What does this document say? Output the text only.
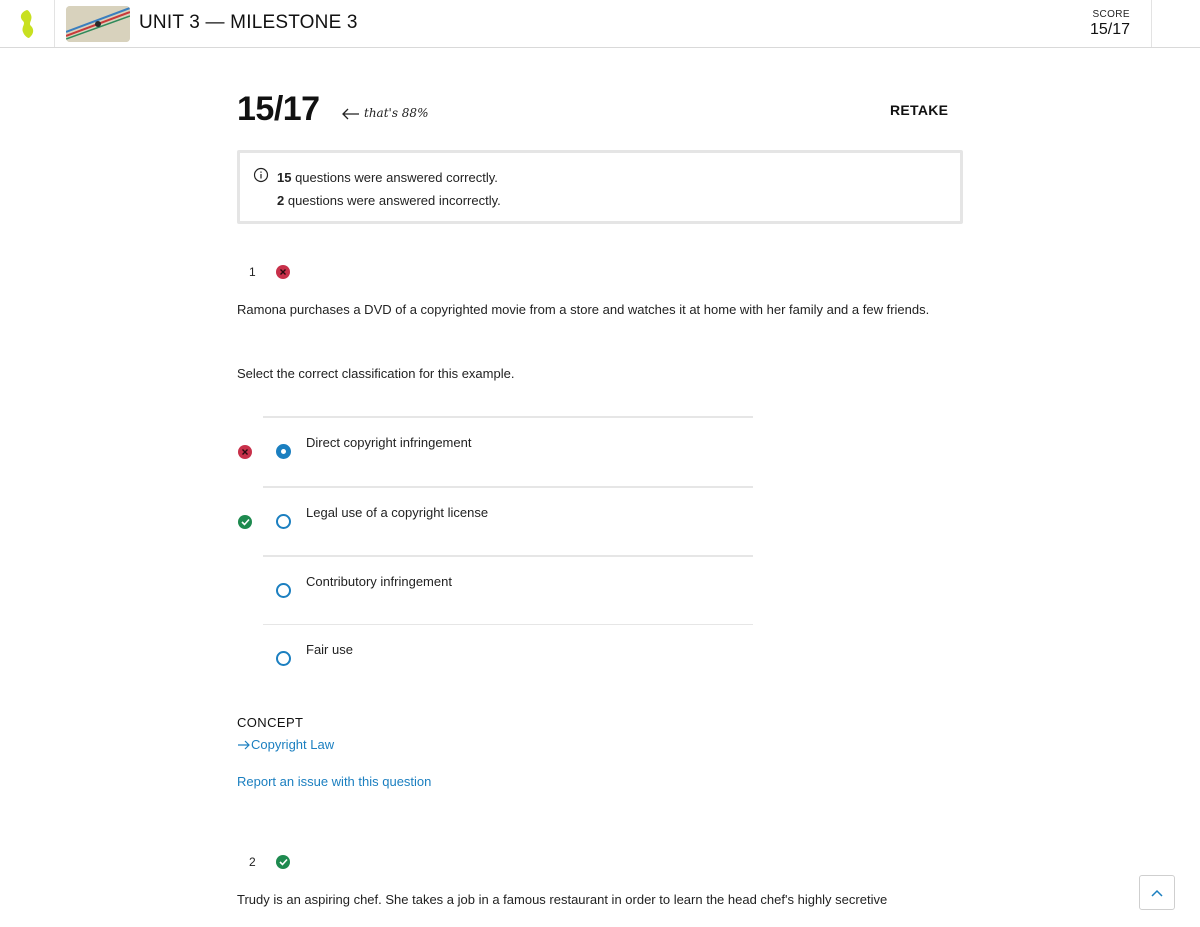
UNIT 3 — MILESTONE 3	SCORE
15/17
15/17	that's 88%	RETAKE
15 questions were answered correctly.
2 questions were answered incorrectly.
1
Ramona purchases a DVD of a copyrighted movie from a store and watches it at home with her family and a few friends.
Select the correct classification for this example.
Direct copyright infringement
Legal use of a copyright license
Contributory infringement
Fair use
CONCEPT
Copyright Law
Report an issue with this question
2
Trudy is an aspiring chef. She takes a job in a famous restaurant in order to learn the head chef's highly secretive
